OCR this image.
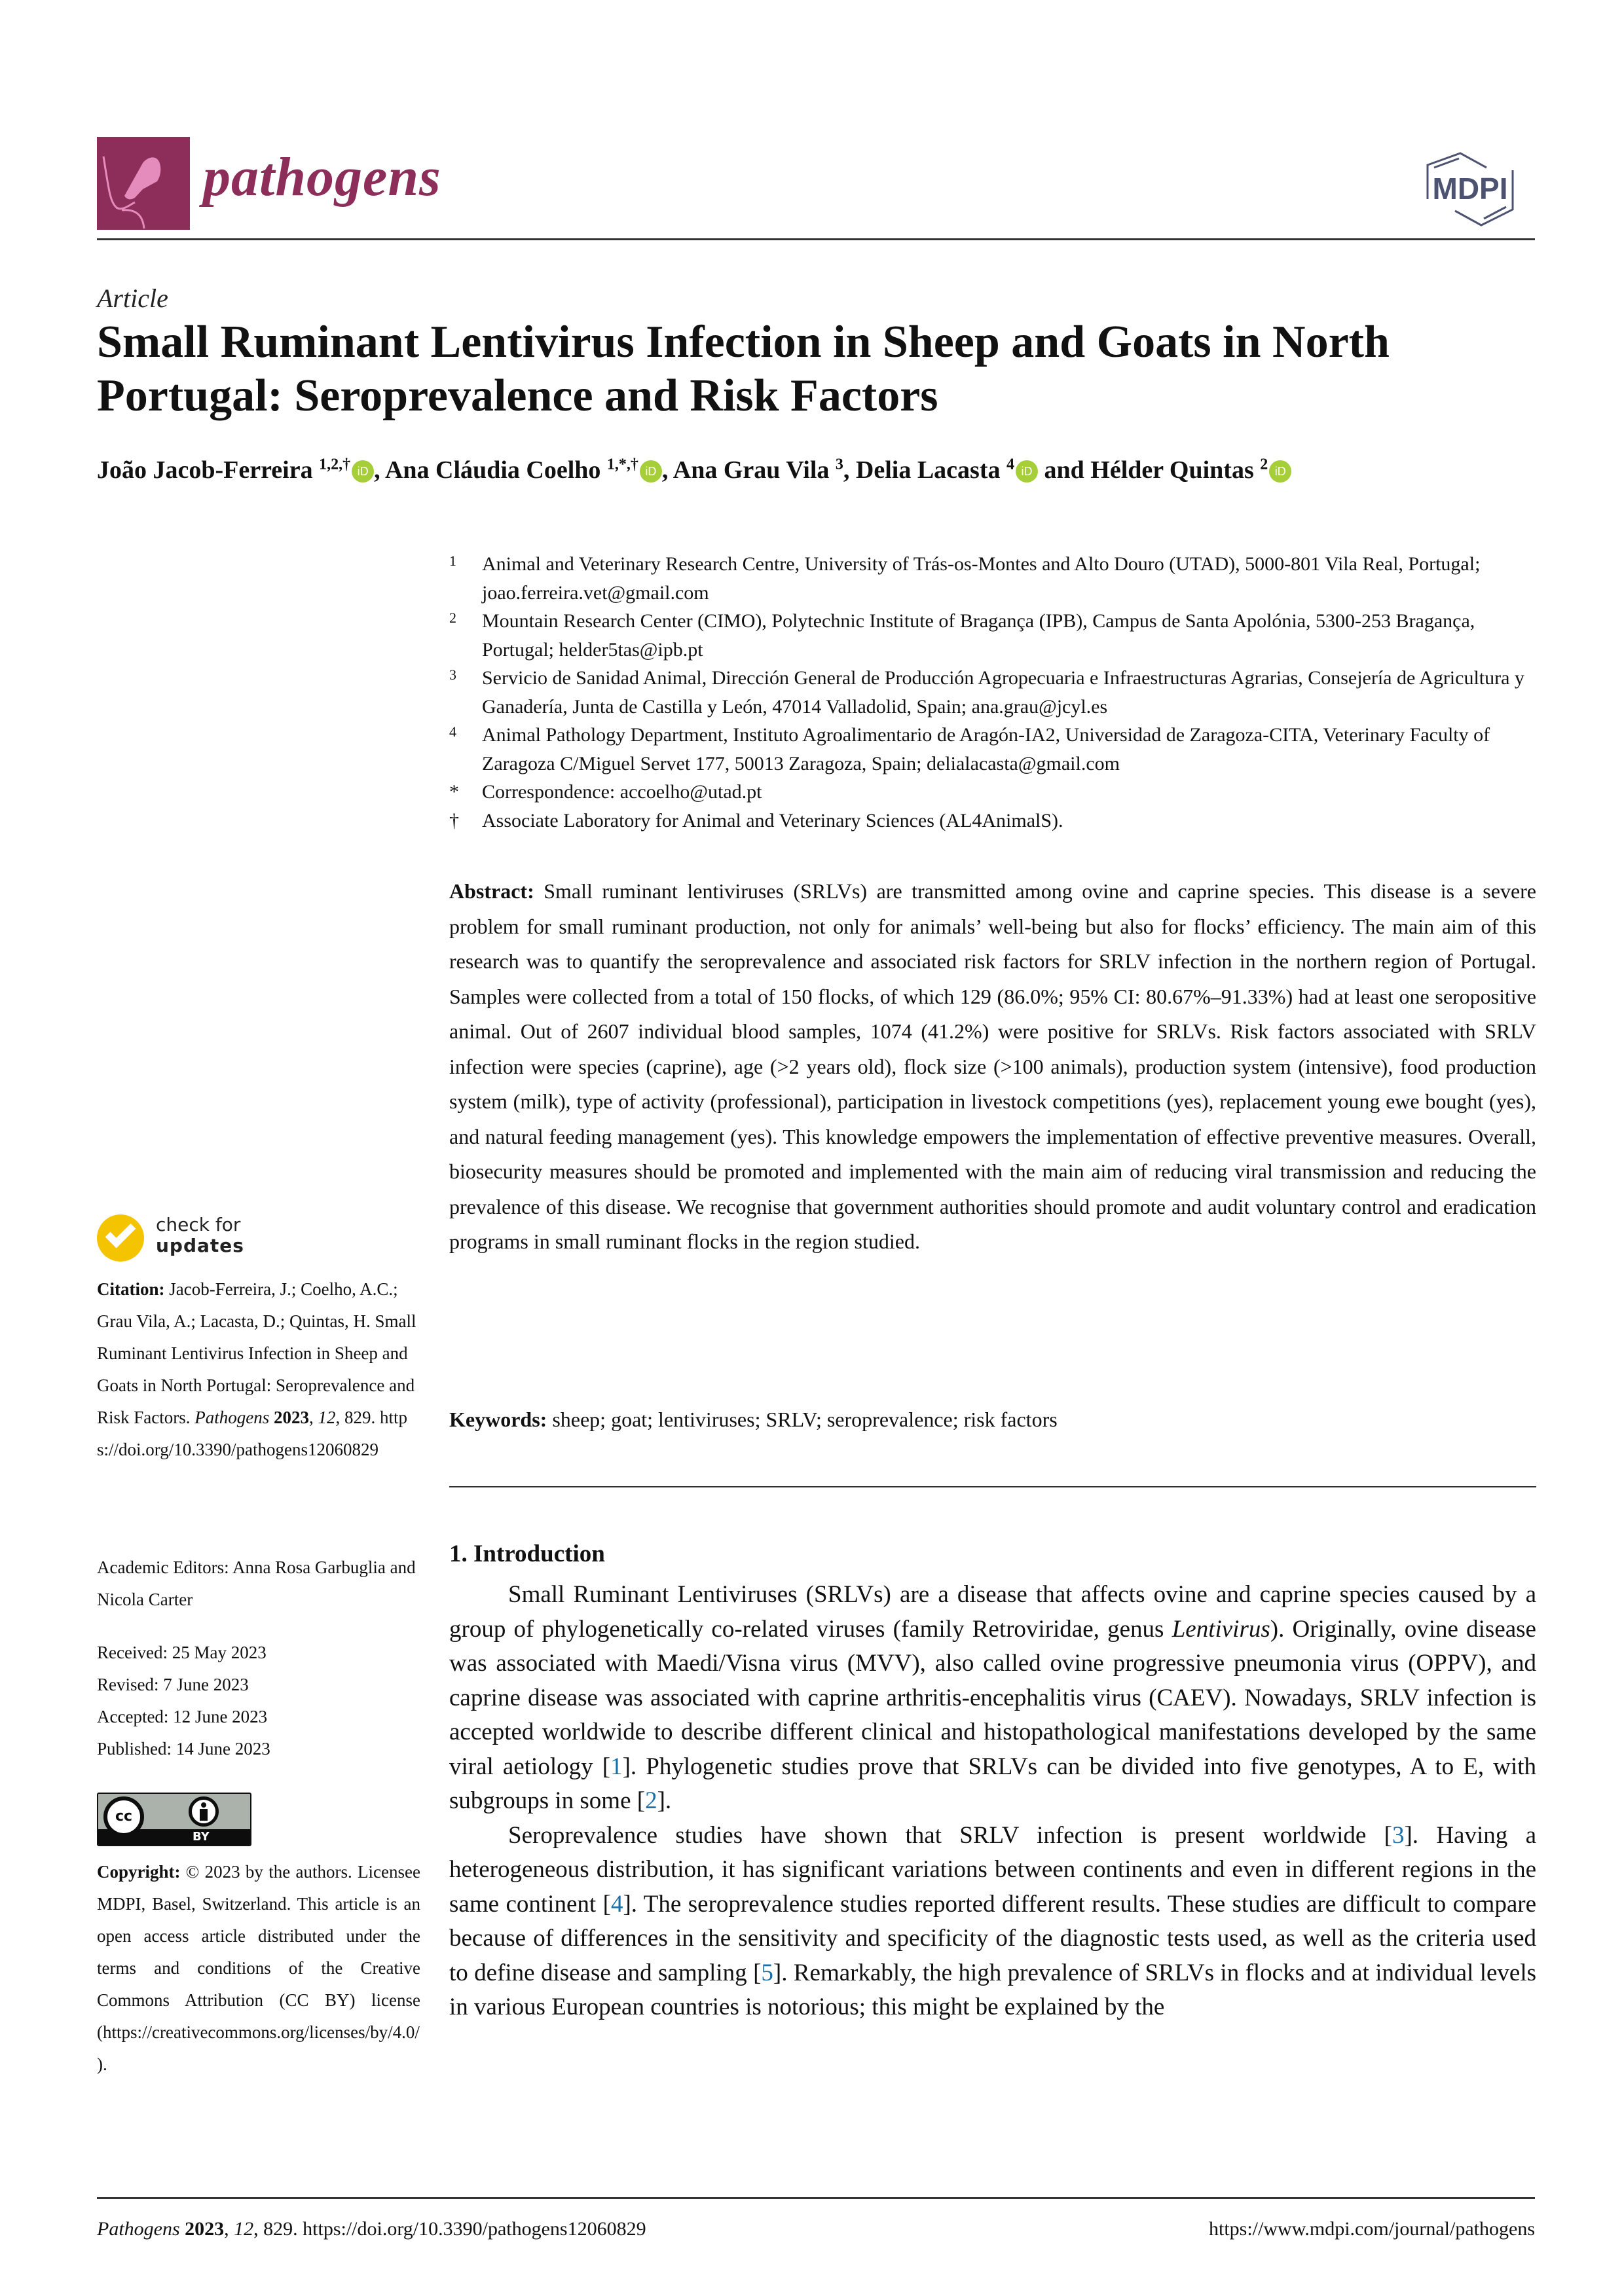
pathogens	MDPI
Article
Small Ruminant Lentivirus Infection in Sheep and Goats in North Portugal: Seroprevalence and Risk Factors
João Jacob-Ferreira $^{1,2,\dagger}$ iD , Ana Cláudia Coelho $^{1,*,\dagger}$ iD , Ana Grau Vila $^3$, Delia Lacasta $^4$ iD and Hélder Quintas $^2$ iD
1	Animal and Veterinary Research Centre, University of Trás-os-Montes and Alto Douro (UTAD), 5000-801 Vila Real, Portugal; joao.ferreira.vet@gmail.com
2	Mountain Research Center (CIMO), Polytechnic Institute of Bragança (IPB), Campus de Santa Apolónia, 5300-253 Bragança, Portugal; helder5tas@ipb.pt
3	Servicio de Sanidad Animal, Dirección General de Producción Agropecuaria e Infraestructuras Agrarias, Consejería de Agricultura y Ganadería, Junta de Castilla y León, 47014 Valladolid, Spain; ana.grau@jcyl.es
4	Animal Pathology Department, Instituto Agroalimentario de Aragón-IA2, Universidad de Zaragoza-CITA, Veterinary Faculty of Zaragoza C/Miguel Servet 177, 50013 Zaragoza, Spain; delialacasta@gmail.com
*	Correspondence: accoelho@utad.pt
†	Associate Laboratory for Animal and Veterinary Sciences (AL4AnimalS).
Abstract: Small ruminant lentiviruses (SRLVs) are transmitted among ovine and caprine species. This disease is a severe problem for small ruminant production, not only for animals’ well-being but also for flocks’ efficiency. The main aim of this research was to quantify the seroprevalence and associated risk factors for SRLV infection in the northern region of Portugal. Samples were collected from a total of 150 flocks, of which 129 (86.0%; 95% CI: 80.67%–91.33%) had at least one seropositive animal. Out of 2607 individual blood samples, 1074 (41.2%) were positive for SRLVs. Risk factors associated with SRLV infection were species (caprine), age (>2 years old), flock size (>100 animals), production system (intensive), food production system (milk), type of activity (professional), participation in livestock competitions (yes), replacement young ewe bought (yes), and natural feeding management (yes). This knowledge empowers the implementation of effective preventive measures. Overall, biosecurity measures should be promoted and implemented with the main aim of reducing viral transmission and reducing the prevalence of this disease. We recognise that government authorities should promote and audit voluntary control and eradication programs in small ruminant flocks in the region studied.
Keywords: sheep; goat; lentiviruses; SRLV; seroprevalence; risk factors
1. Introduction

Small Ruminant Lentiviruses (SRLVs) are a disease that affects ovine and caprine species caused by a group of phylogenetically co-related viruses (family Retroviridae, genus Lentivirus). Originally, ovine disease was associated with Maedi/Visna virus (MVV), also called ovine progressive pneumonia virus (OPPV), and caprine disease was associated with caprine arthritis-encephalitis virus (CAEV). Nowadays, SRLV infection is accepted worldwide to describe different clinical and histopathological manifestations developed by the same viral aetiology [1]. Phylogenetic studies prove that SRLVs can be divided into five genotypes, A to E, with subgroups in some [2].

Seroprevalence studies have shown that SRLV infection is present worldwide [3]. Having a heterogeneous distribution, it has significant variations between continents and even in different regions in the same continent [4]. The seroprevalence studies reported different results. These studies are difficult to compare because of differences in the sensitivity and specificity of the diagnostic tests used, as well as the criteria used to define disease and sampling [5]. Remarkably, the high prevalence of SRLVs in flocks and at individual levels in various European countries is notorious; this might be explained by the

check for
updates
Citation: Jacob-Ferreira, J.; Coelho, A.C.; Grau Vila, A.; Lacasta, D.; Quintas, H. Small Ruminant Lentivirus Infection in Sheep and Goats in North Portugal: Seroprevalence and Risk Factors. Pathogens 2023, 12, 829. https://doi.org/10.3390/pathogens12060829
Academic Editors: Anna Rosa Garbuglia and Nicola Carter
Received: 25 May 2023
Revised: 7 June 2023
Accepted: 12 June 2023
Published: 14 June 2023
cc
BY
Copyright: © 2023 by the authors. Licensee MDPI, Basel, Switzerland. This article is an open access article distributed under the terms and conditions of the Creative Commons Attribution (CC BY) license (https://creativecommons.org/licenses/by/4.0/).
Pathogens 2023, 12, 829. https://doi.org/10.3390/pathogens12060829	https://www.mdpi.com/journal/pathogens
